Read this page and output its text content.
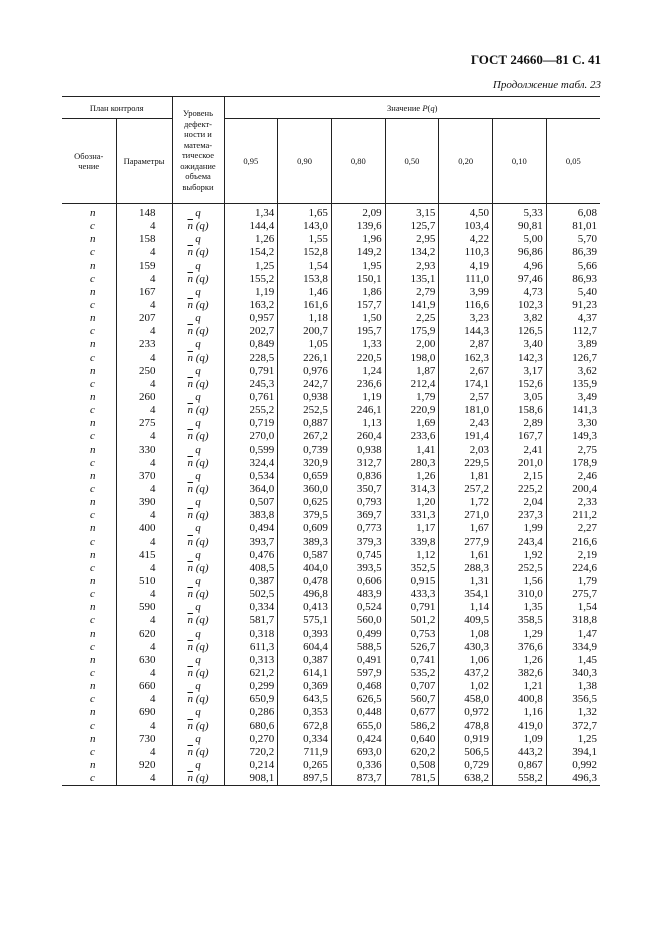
ГОСТ 24660—81 С. 41
Продолжение табл. 23
План контроля		Уровень дефект-ности и матема-тическое ожидание объема выборки	Значение P(q)						
Обозна-чение	Параметры		0,95	0,90	0,80	0,50	0,20	0,10	0,05
n	148	q	1,34	1,65	2,09	3,15	4,50	5,33	6,08
c	4	$\overline{n}$ (q)	144,4	143,0	139,6	125,7	103,4	90,81	81,01
n	158	q	1,26	1,55	1,96	2,95	4,22	5,00	5,70
c	4	$\overline{n}$ (q)	154,2	152,8	149,2	134,2	110,3	96,86	86,39
n	159	q	1,25	1,54	1,95	2,93	4,19	4,96	5,66
c	4	$\overline{n}$ (q)	155,2	153,8	150,1	135,1	111,0	97,46	86,93
n	167	q	1,19	1,46	1,86	2,79	3,99	4,73	5,40
c	4	$\overline{n}$ (q)	163,2	161,6	157,7	141,9	116,6	102,3	91,23
n	207	q	0,957	1,18	1,50	2,25	3,23	3,82	4,37
c	4	$\overline{n}$ (q)	202,7	200,7	195,7	175,9	144,3	126,5	112,7
n	233	q	0,849	1,05	1,33	2,00	2,87	3,40	3,89
c	4	$\overline{n}$ (q)	228,5	226,1	220,5	198,0	162,3	142,3	126,7
n	250	q	0,791	0,976	1,24	1,87	2,67	3,17	3,62
c	4	$\overline{n}$ (q)	245,3	242,7	236,6	212,4	174,1	152,6	135,9
n	260	q	0,761	0,938	1,19	1,79	2,57	3,05	3,49
c	4	$\overline{n}$ (q)	255,2	252,5	246,1	220,9	181,0	158,6	141,3
n	275	q	0,719	0,887	1,13	1,69	2,43	2,89	3,30
c	4	$\overline{n}$ (q)	270,0	267,2	260,4	233,6	191,4	167,7	149,3
n	330	q	0,599	0,739	0,938	1,41	2,03	2,41	2,75
c	4	$\overline{n}$ (q)	324,4	320,9	312,7	280,3	229,5	201,0	178,9
n	370	q	0,534	0,659	0,836	1,26	1,81	2,15	2,46
c	4	$\overline{n}$ (q)	364,0	360,0	350,7	314,3	257,2	225,2	200,4
n	390	q	0,507	0,625	0,793	1,20	1,72	2,04	2,33
c	4	$\overline{n}$ (q)	383,8	379,5	369,7	331,3	271,0	237,3	211,2
n	400	q	0,494	0,609	0,773	1,17	1,67	1,99	2,27
c	4	$\overline{n}$ (q)	393,7	389,3	379,3	339,8	277,9	243,4	216,6
n	415	q	0,476	0,587	0,745	1,12	1,61	1,92	2,19
c	4	$\overline{n}$ (q)	408,5	404,0	393,5	352,5	288,3	252,5	224,6
n	510	q	0,387	0,478	0,606	0,915	1,31	1,56	1,79
c	4	$\overline{n}$ (q)	502,5	496,8	483,9	433,3	354,1	310,0	275,7
n	590	q	0,334	0,413	0,524	0,791	1,14	1,35	1,54
c	4	$\overline{n}$ (q)	581,7	575,1	560,0	501,2	409,5	358,5	318,8
n	620	q	0,318	0,393	0,499	0,753	1,08	1,29	1,47
c	4	$\overline{n}$ (q)	611,3	604,4	588,5	526,7	430,3	376,6	334,9
n	630	q	0,313	0,387	0,491	0,741	1,06	1,26	1,45
c	4	$\overline{n}$ (q)	621,2	614,1	597,9	535,2	437,2	382,6	340,3
n	660	q	0,299	0,369	0,468	0,707	1,02	1,21	1,38
c	4	$\overline{n}$ (q)	650,9	643,5	626,5	560,7	458,0	400,8	356,5
n	690	q	0,286	0,353	0,448	0,677	0,972	1,16	1,32
c	4	$\overline{n}$ (q)	680,6	672,8	655,0	586,2	478,8	419,0	372,7
n	730	q	0,270	0,334	0,424	0,640	0,919	1,09	1,25
c	4	$\overline{n}$ (q)	720,2	711,9	693,0	620,2	506,5	443,2	394,1
n	920	q	0,214	0,265	0,336	0,508	0,729	0,867	0,992
c	4	$\overline{n}$ (q)	908,1	897,5	873,7	781,5	638,2	558,2	496,3
